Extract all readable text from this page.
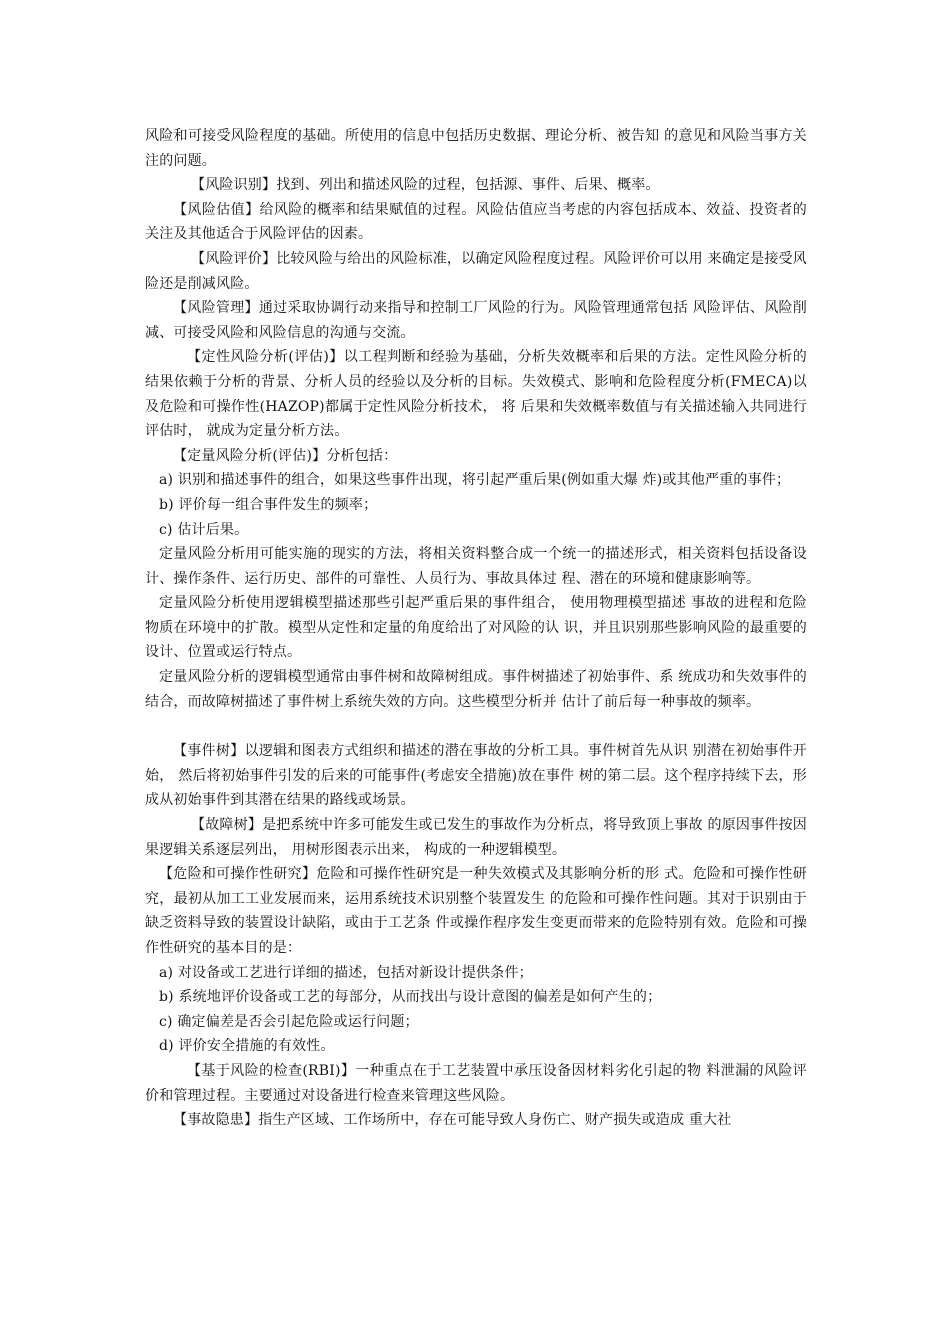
风险和可接受风险程度的基础。所使用的信息中包括历史数据、理论分析、被告知 的意见和风险当事方关注的问题。

【风险识别】找到、列出和描述风险的过程，包括源、事件、后果、概率。

【风险估值】给风险的概率和结果赋值的过程。风险估值应当考虑的内容包括成本、效益、投资者的关注及其他适合于风险评估的因素。

【风险评价】比较风险与给出的风险标准，以确定风险程度过程。风险评价可以用 来确定是接受风险还是削减风险。

【风险管理】通过采取协调行动来指导和控制工厂风险的行为。风险管理通常包括 风险评估、风险削减、可接受风险和风险信息的沟通与交流。

【定性风险分析(评估)】以工程判断和经验为基础，分析失效概率和后果的方法。定性风险分析的结果依赖于分析的背景、分析人员的经验以及分析的目标。失效模式、影响和危险程度分析(FMECA)以及危险和可操作性(HAZOP)都属于定性风险分析技术， 将 后果和失效概率数值与有关描述输入共同进行评估时， 就成为定量分析方法。

【定量风险分析(评估)】分析包括：

a) 识别和描述事件的组合，如果这些事件出现，将引起严重后果(例如重大爆 炸)或其他严重的事件；

b) 评价每一组合事件发生的频率；

c) 估计后果。

定量风险分析用可能实施的现实的方法，将相关资料整合成一个统一的描述形式，相关资料包括设备设计、操作条件、运行历史、部件的可靠性、人员行为、事故具体过 程、潜在的环境和健康影响等。

定量风险分析使用逻辑模型描述那些引起严重后果的事件组合， 使用物理模型描述 事故的进程和危险物质在环境中的扩散。模型从定性和定量的角度给出了对风险的认 识，并且识别那些影响风险的最重要的设计、位置或运行特点。

定量风险分析的逻辑模型通常由事件树和故障树组成。事件树描述了初始事件、系 统成功和失效事件的结合，而故障树描述了事件树上系统失效的方向。这些模型分析并 估计了前后每一种事故的频率。

【事件树】以逻辑和图表方式组织和描述的潜在事故的分析工具。事件树首先从识 别潜在初始事件开始， 然后将初始事件引发的后来的可能事件(考虑安全措施)放在事件 树的第二层。这个程序持续下去，形成从初始事件到其潜在结果的路线或场景。

【故障树】是把系统中许多可能发生或已发生的事故作为分析点，将导致顶上事故 的原因事件按因果逻辑关系逐层列出， 用树形图表示出来， 构成的一种逻辑模型。

【危险和可操作性研究】危险和可操作性研究是一种失效模式及其影响分析的形 式。危险和可操作性研究，最初从加工工业发展而来，运用系统技术识别整个装置发生 的危险和可操作性问题。其对于识别由于缺乏资料导致的装置设计缺陷，或由于工艺条 件或操作程序发生变更而带来的危险特别有效。危险和可操作性研究的基本目的是：

a) 对设备或工艺进行详细的描述，包括对新设计提供条件；

b) 系统地评价设备或工艺的每部分，从而找出与设计意图的偏差是如何产生的；

c) 确定偏差是否会引起危险或运行问题；

d) 评价安全措施的有效性。

【基于风险的检查(RBI)】一种重点在于工艺装置中承压设备因材料劣化引起的物 料泄漏的风险评价和管理过程。主要通过对设备进行检查来管理这些风险。

【事故隐患】指生产区域、工作场所中，存在可能导致人身伤亡、财产损失或造成 重大社
